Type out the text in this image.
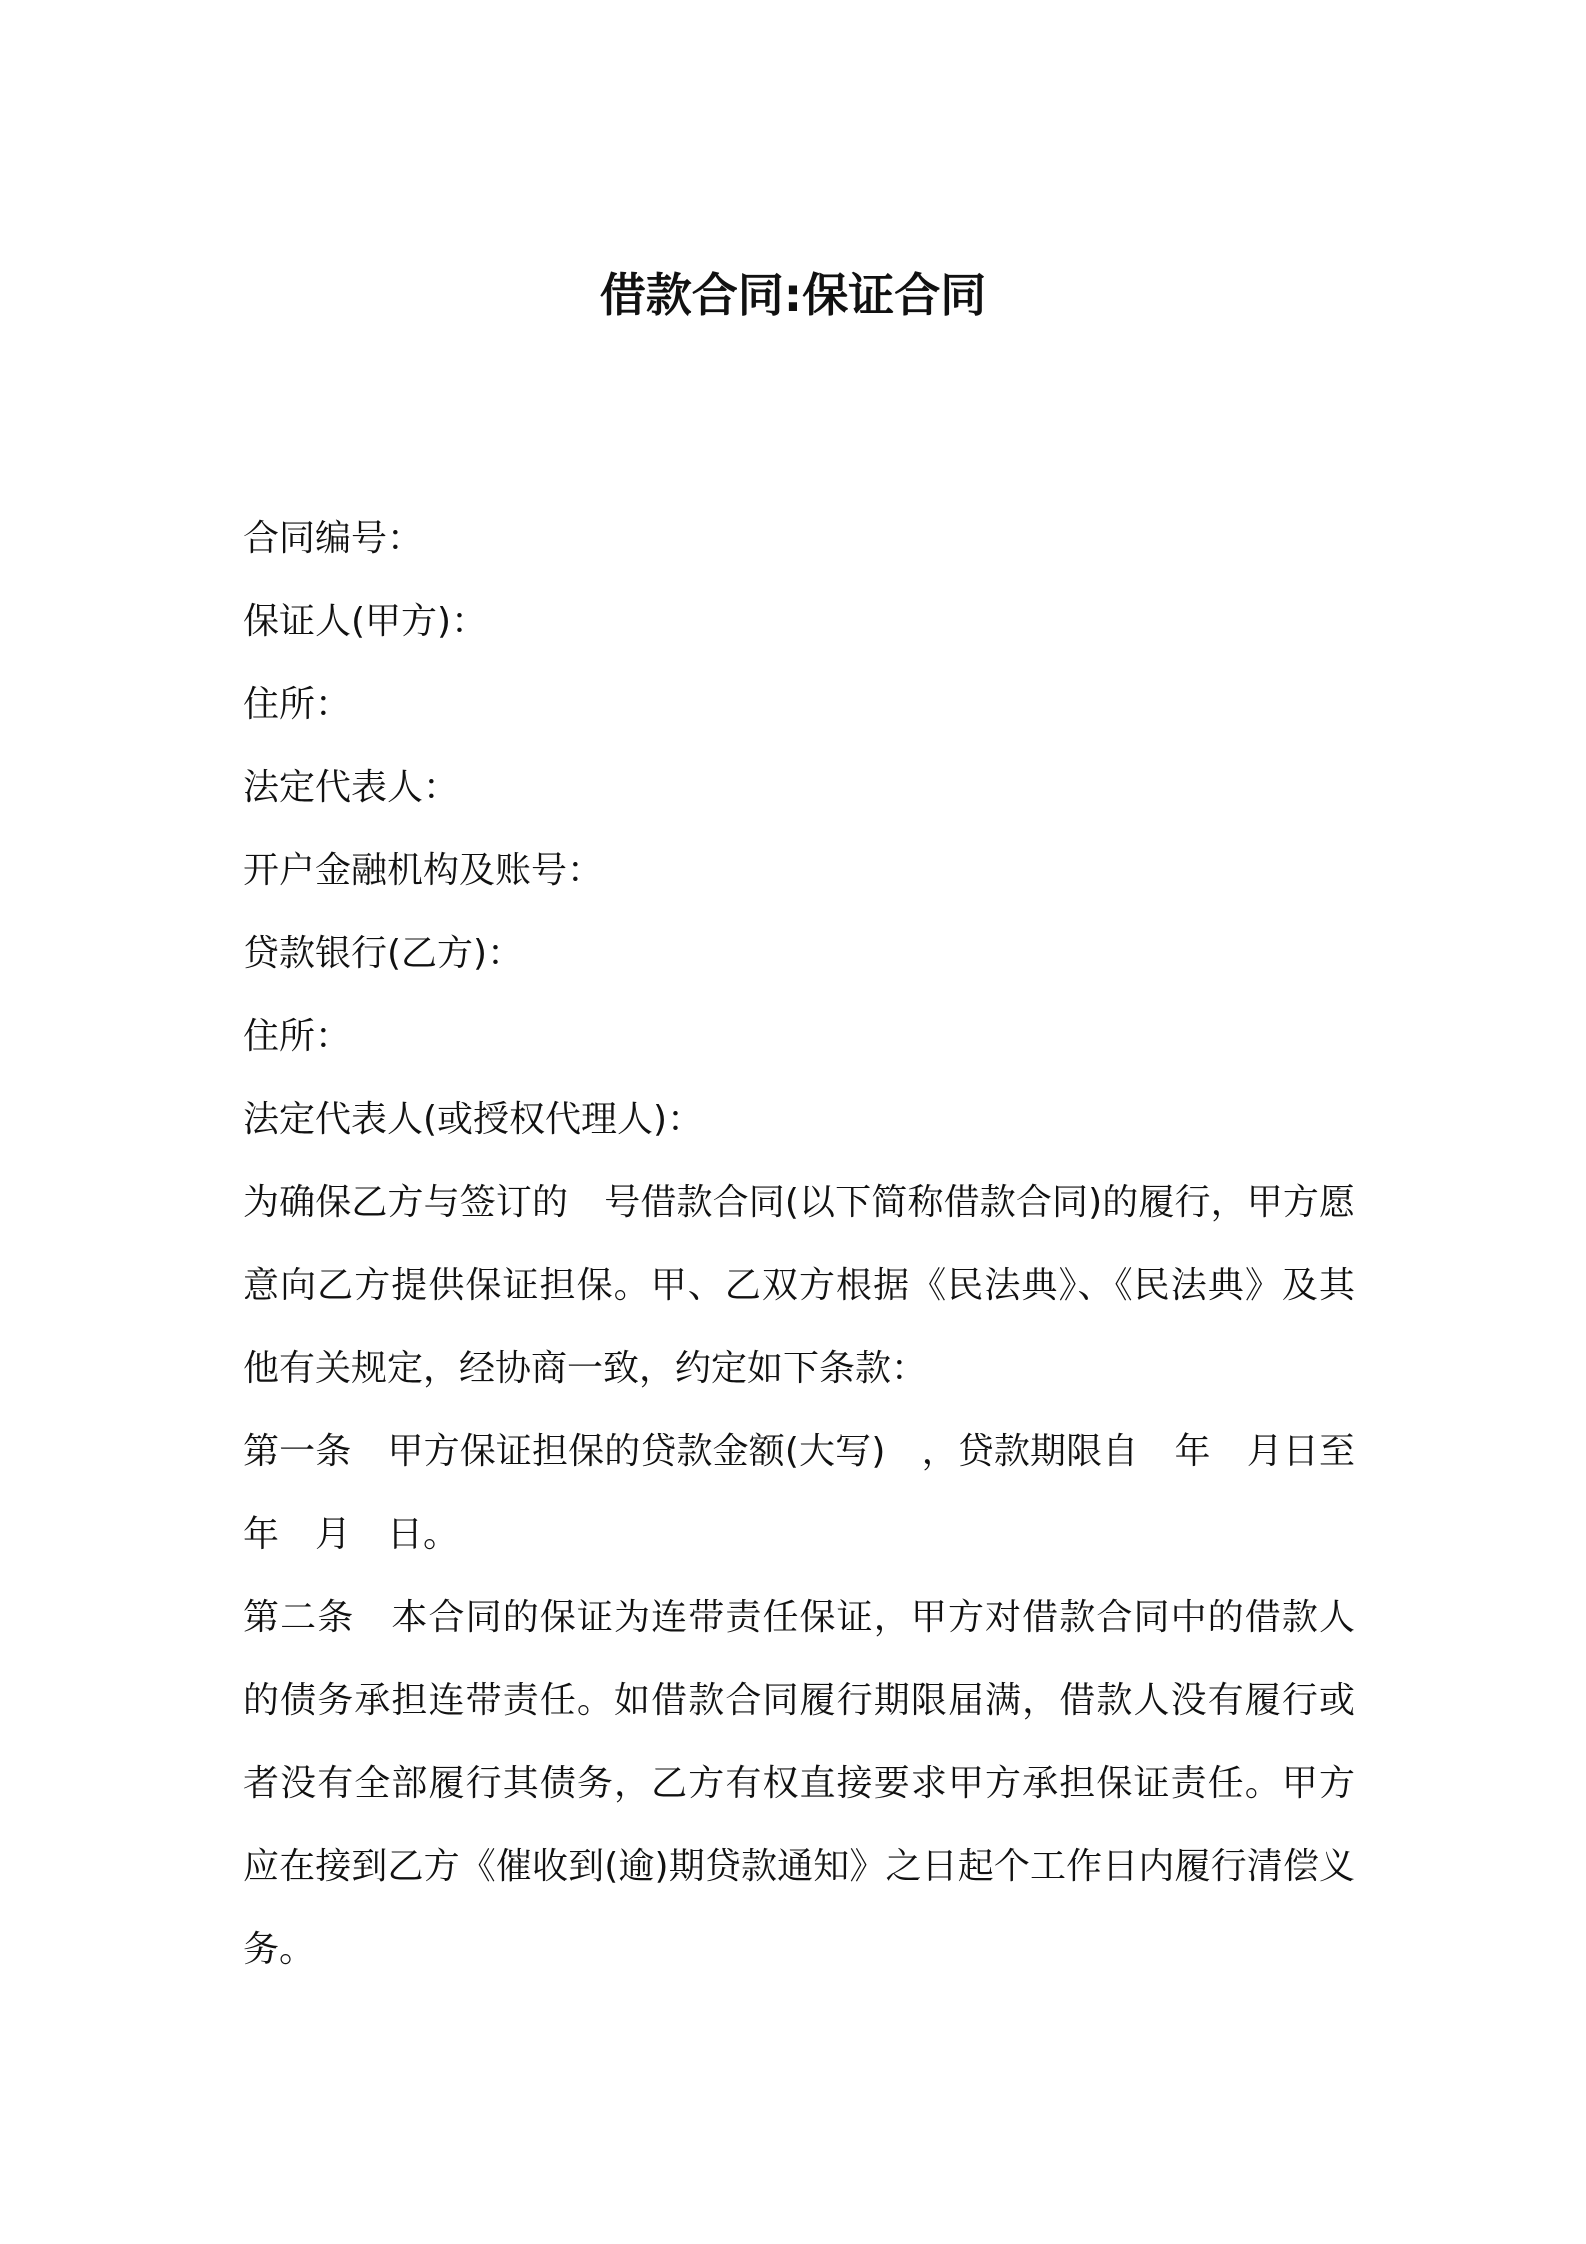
借款合同:保证合同

合同编号：

保证人(甲方)：

住所：

法定代表人：

开户金融机构及账号：

贷款银行(乙方)：

住所：

法定代表人(或授权代理人)：

为确保乙方与签订的　号借款合同(以下简称借款合同)的履行，甲方愿意向乙方提供保证担保。甲、乙双方根据《民法典》、《民法典》及其他有关规定，经协商一致，约定如下条款：

第一条　甲方保证担保的贷款金额(大写)　，贷款期限自　年　月日至　年　月　日。

第二条　本合同的保证为连带责任保证，甲方对借款合同中的借款人的债务承担连带责任。如借款合同履行期限届满，借款人没有履行或者没有全部履行其债务，乙方有权直接要求甲方承担保证责任。甲方应在接到乙方《催收到(逾)期贷款通知》之日起个工作日内履行清偿义务。
